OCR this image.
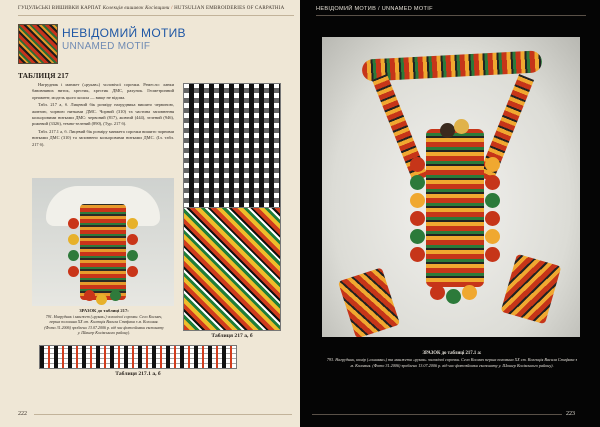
ГУЦУЛЬСЬКІ ВИШИВКИ КАРПАТ Колекція вишивок Косівщини / HUTSULIAN EMBROIDERIES OF CARPATHIA
НЕВІДОМИЙ МОТИВ
UNNAMED MOTIF
ТАБЛИЦЯ 217

Нагрудник і манжет («рукав») чоловічої сорочки. Ремесло: ланки бавовняних ниток, хрестик, хрестик ДМС, рахунок. Геометричний орнамент, модель цього кошла — вище не відома.

Табл. 217 а, б. Лицевий бік розміру нагрудника вишито червоною, жовтою, чорною нитками ДМС. Чорний (310) та частина заповнення кольоровими нитками ДМС: червоний (817), жовтий (444), зелений (946), рожевий (3326), темно-зелений (890), (Тур. 217 б).

Табл. 217.1 а, б. Лицевий бік розміру манжета сорочки вишито чорними нитками ДМС (310) та заповнено кольоровими нитками ДМС. (Іл. табл. 217 б).

ЗРАЗОК до таблиці 217:
791. Нагрудник і манжет («рукав») чоловічої сорочки. Село Космач, перша половина XX ст. Колекція Василя Стефака з м. Коломия. (Фото 31.2006) зроблено 13.07.2006 р. від час фотозйомки експонату у. Шашер Косівського району).
Таблиця 217 а, б
Таблиця 217.1 а, б
222
НЕВІДОМИЙ МОТИВ / UNNAMED MOTIF
ЗРАЗОК до таблиці 217.1 а:
793. Нагрудник, комір («ошивка») та манжети «рукав» чоловічої сорочки. Село Космач перша половина XX ст. Колекція Василя Стефака з м. Коломия. (Фото 31.2006) зроблено 13.07.2006 р. від час фотозйомки експонату у. Шашер Косівського району).
223
